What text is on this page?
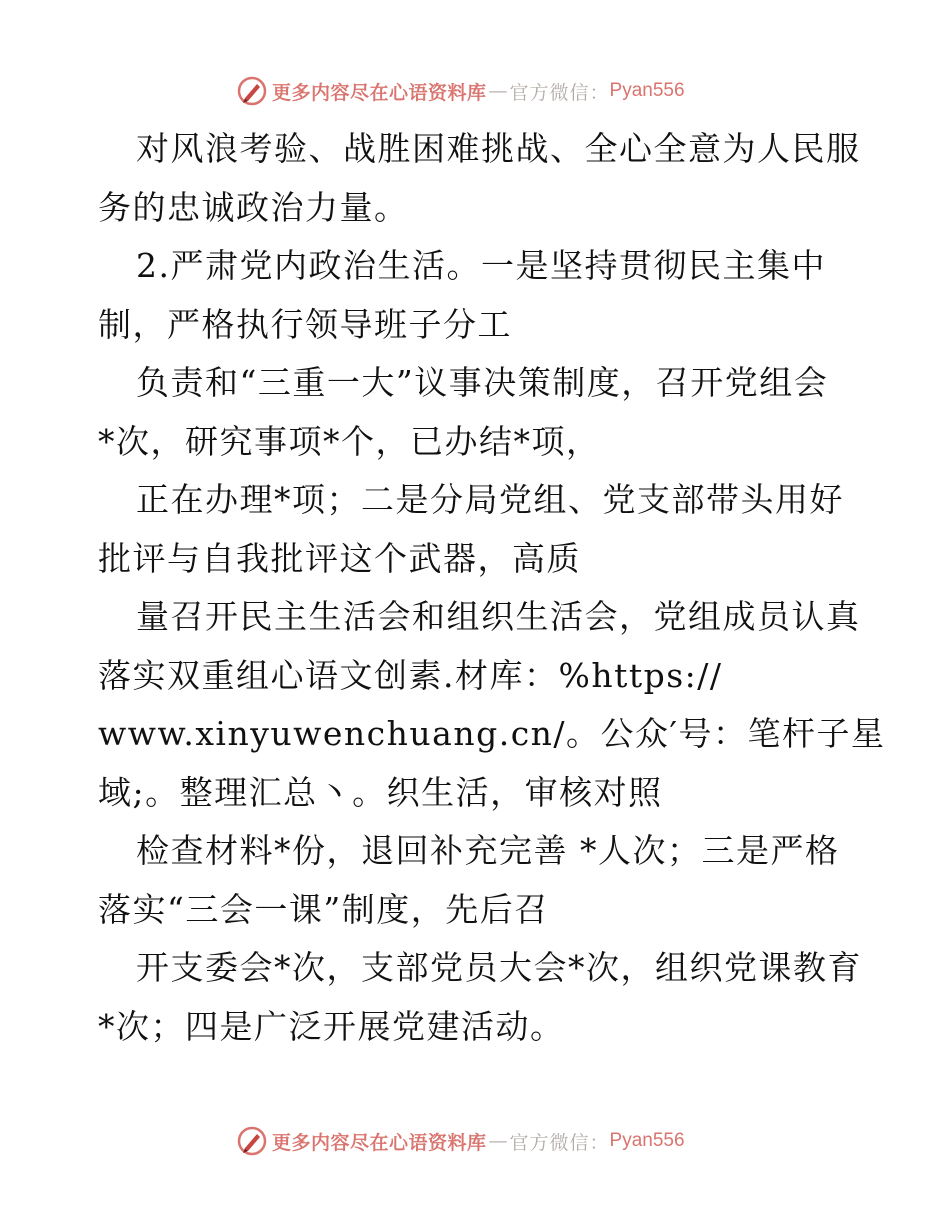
更多内容尽在心语资料库 — 官方微信： Pyan556
对风浪考验、战胜困难挑战、全心全意为人民服
务的忠诚政治力量。
2.严肃党内政治生活。一是坚持贯彻民主集中
制，严格执行领导班子分工
负责和“三重一大”议事决策制度，召开党组会
*次，研究事项*个，已办结*项，
正在办理*项；二是分局党组、党支部带头用好
批评与自我批评这个武器，高质
量召开民主生活会和组织生活会，党组成员认真
落实双重组心语文创素.材库：%https://
www.xinyuwenchuang.cn/。公众′号：笔杆子星
域;。整理汇总丶。织生活，审核对照
检查材料*份，退回补充完善 *人次；三是严格
落实“三会一课”制度，先后召
开支委会*次，支部党员大会*次，组织党课教育
*次；四是广泛开展党建活动。
更多内容尽在心语资料库 — 官方微信： Pyan556
